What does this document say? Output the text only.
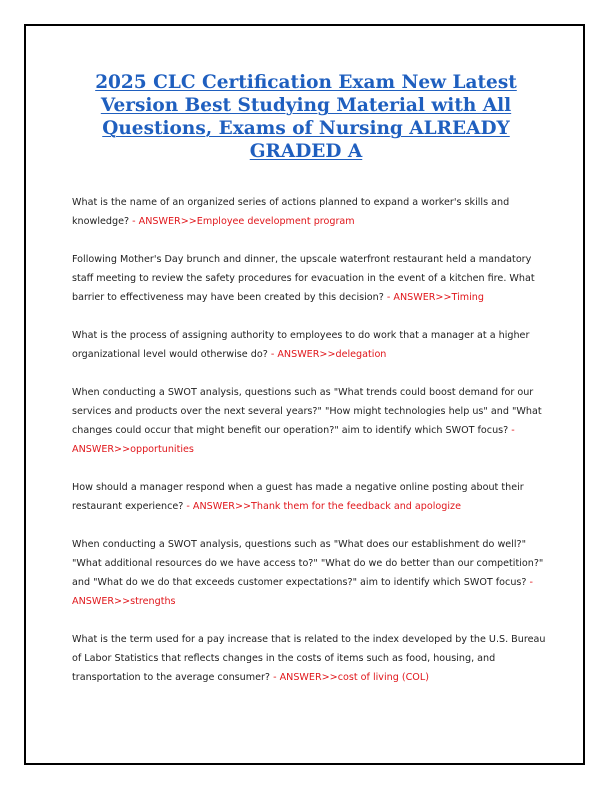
2025 CLC Certification Exam New Latest Version Best Studying Material with All Questions, Exams of Nursing ALREADY GRADED A

What is the name of an organized series of actions planned to expand a worker's skills and knowledge? - ANSWER>>Employee development program

Following Mother's Day brunch and dinner, the upscale waterfront restaurant held a mandatory staff meeting to review the safety procedures for evacuation in the event of a kitchen fire. What barrier to effectiveness may have been created by this decision? - ANSWER>>Timing

What is the process of assigning authority to employees to do work that a manager at a higher organizational level would otherwise do? - ANSWER>>delegation

When conducting a SWOT analysis, questions such as "What trends could boost demand for our services and products over the next several years?" "How might technologies help us" and "What changes could occur that might benefit our operation?" aim to identify which SWOT focus? - ANSWER>>opportunities

How should a manager respond when a guest has made a negative online posting about their restaurant experience? - ANSWER>>Thank them for the feedback and apologize

When conducting a SWOT analysis, questions such as "What does our establishment do well?" "What additional resources do we have access to?" "What do we do better than our competition?" and "What do we do that exceeds customer expectations?" aim to identify which SWOT focus? - ANSWER>>strengths

What is the term used for a pay increase that is related to the index developed by the U.S. Bureau of Labor Statistics that reflects changes in the costs of items such as food, housing, and transportation to the average consumer? - ANSWER>>cost of living (COL)
